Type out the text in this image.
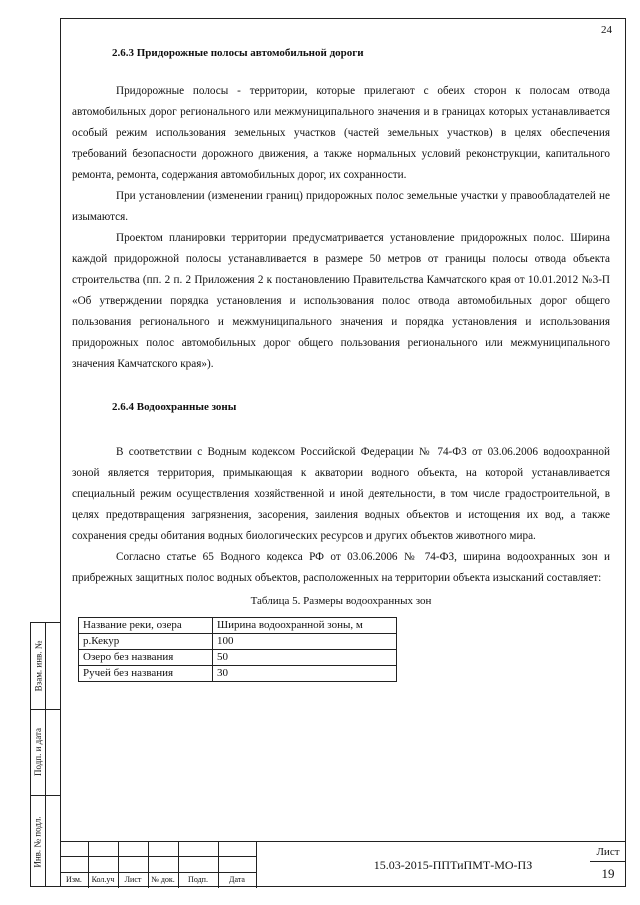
24

2.6.3 Придорожные полосы автомобильной дороги

Придорожные полосы - территории, которые прилегают с обеих сторон к полосам отвода автомобильных дорог регионального или межмуниципального значения и в границах которых устанавливается особый режим использования земельных участков (частей земельных участков) в целях обеспечения требований безопасности дорожного движения, а также нормальных условий реконструкции, капитального ремонта, ремонта, содержания автомобильных дорог, их сохранности.

При установлении (изменении границ) придорожных полос земельные участки у правообладателей не изымаются.

Проектом планировки территории предусматривается установление придорожных полос. Ширина каждой придорожной полосы устанавливается в размере 50 метров от границы полосы отвода объекта строительства (пп. 2 п. 2 Приложения 2 к постановлению Правительства Камчатского края от 10.01.2012 №3-П «Об утверждении порядка установления и использования полос отвода автомобильных дорог общего пользования регионального и межмуниципального значения и порядка установления и использования придорожных полос автомобильных дорог общего пользования регионального или межмуниципального значения Камчатского края»).

2.6.4 Водоохранные зоны

В соответствии с Водным кодексом Российской Федерации № 74-ФЗ от 03.06.2006 водоохранной зоной является территория, примыкающая к акватории водного объекта, на которой устанавливается специальный режим осуществления хозяйственной и иной деятельности, в том числе градостроительной, в целях предотвращения загрязнения, засорения, заиления водных объектов и истощения их вод, а также сохранения среды обитания водных биологических ресурсов и других объектов животного мира.

Согласно статье 65 Водного кодекса РФ от 03.06.2006 № 74-ФЗ, ширина водоохранных зон и прибрежных защитных полос водных объектов, расположенных на территории объекта изысканий составляет:

Таблица 5. Размеры водоохранных зон

Название реки, озера	Ширина водоохранной зоны, м
р.Кекур	100
Озеро без названия	50
Ручей без названия	30
Взам. инв. №
Подп. и дата
Инв. № подл.
Изм.	Кол.уч	Лист	№ док.	Подп.	Дата
15.03-2015-ППТиПМТ-МО-ПЗ
Лист
19
